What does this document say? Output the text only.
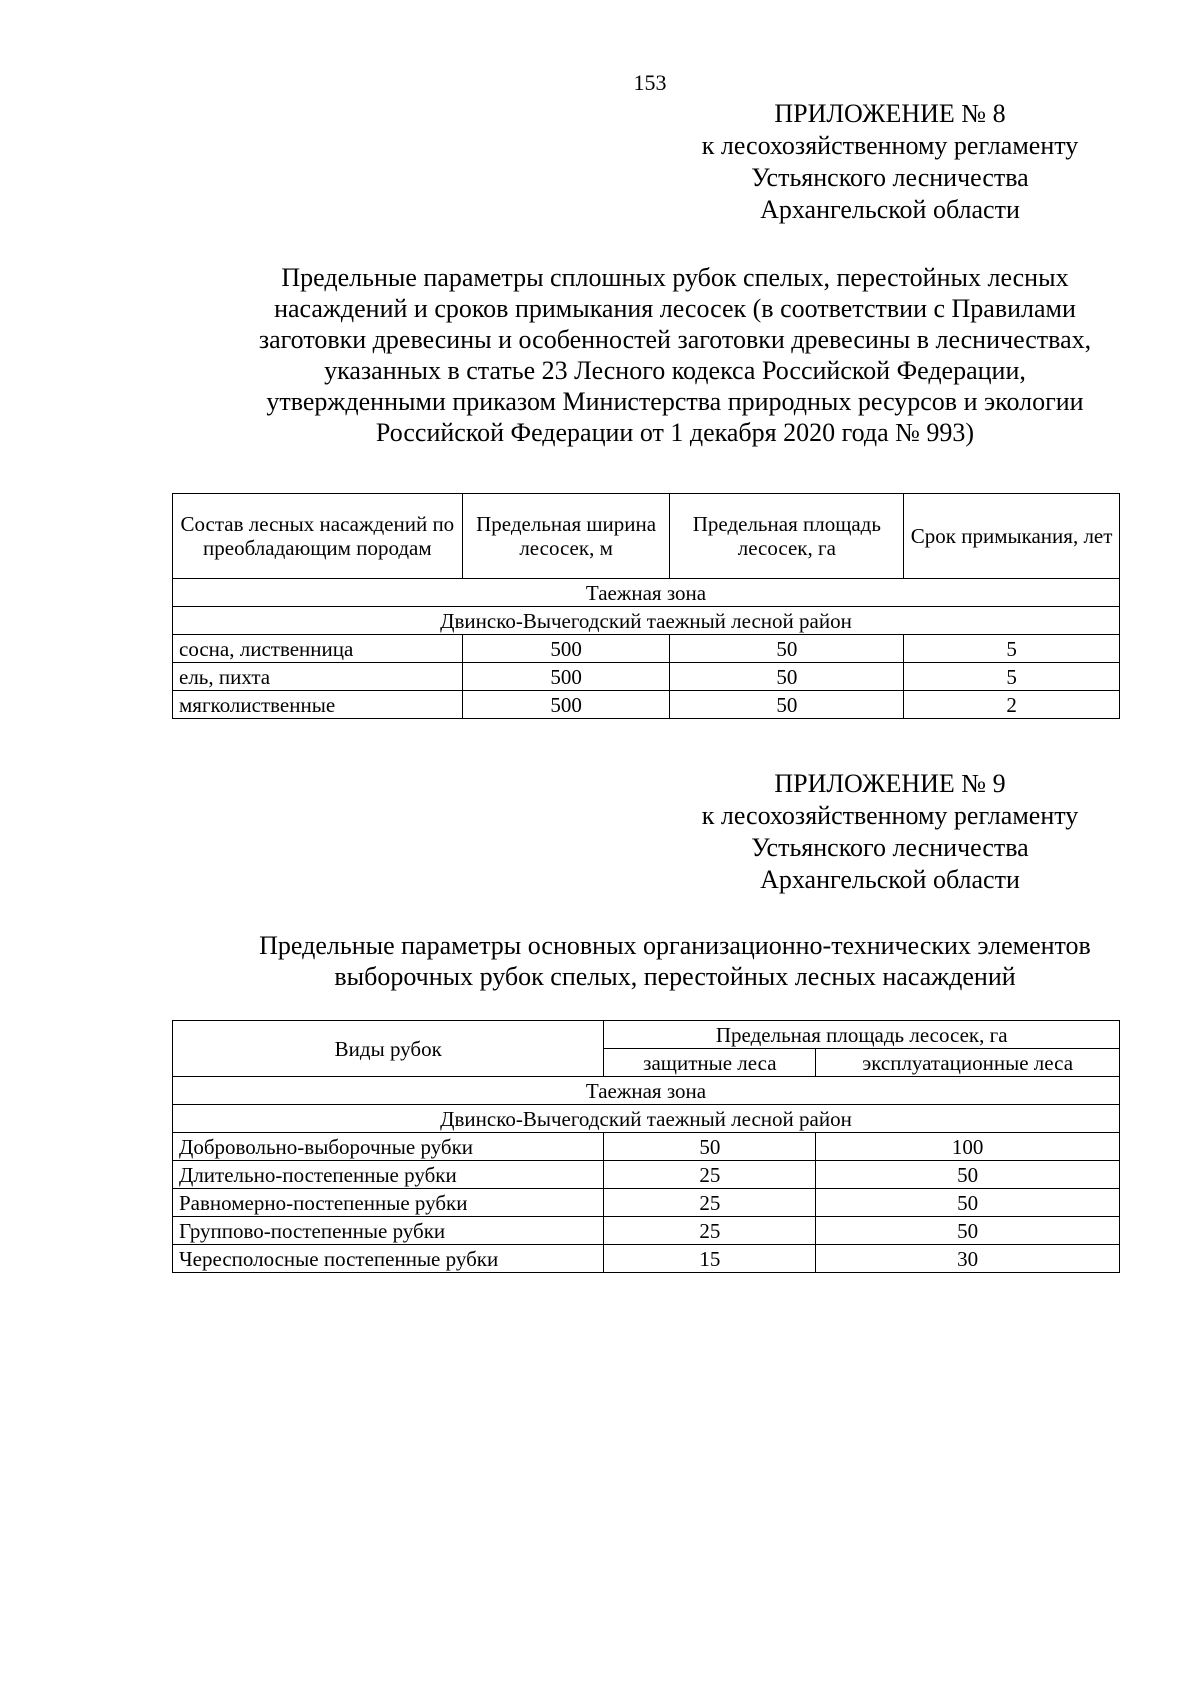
153
ПРИЛОЖЕНИЕ № 8
к лесохозяйственному регламенту
Устьянского лесничества
Архангельской области
Предельные параметры сплошных рубок спелых, перестойных лесных
насаждений и сроков примыкания лесосек (в соответствии с Правилами
заготовки древесины и особенностей заготовки древесины в лесничествах,
указанных в статье 23 Лесного кодекса Российской Федерации,
утвержденными приказом Министерства природных ресурсов и экологии
Российской Федерации от 1 декабря 2020 года № 993)
Состав лесных насаждений по преобладающим породам	Предельная ширина лесосек, м	Предельная площадь лесосек, га	Срок примыкания, лет
Таежная зона			
Двинско-Вычегодский таежный лесной район			
сосна, лиственница	500	50	5
ель, пихта	500	50	5
мягколиственные	500	50	2
ПРИЛОЖЕНИЕ № 9
к лесохозяйственному регламенту
Устьянского лесничества
Архангельской области
Предельные параметры основных организационно-технических элементов
выборочных рубок спелых, перестойных лесных насаждений
Виды рубок	Предельная площадь лесосек, га	
	защитные леса	эксплуатационные леса
Таежная зона		
Двинско-Вычегодский таежный лесной район		
Добровольно-выборочные рубки	50	100
Длительно-постепенные рубки	25	50
Равномерно-постепенные рубки	25	50
Группово-постепенные рубки	25	50
Чересполосные постепенные рубки	15	30
